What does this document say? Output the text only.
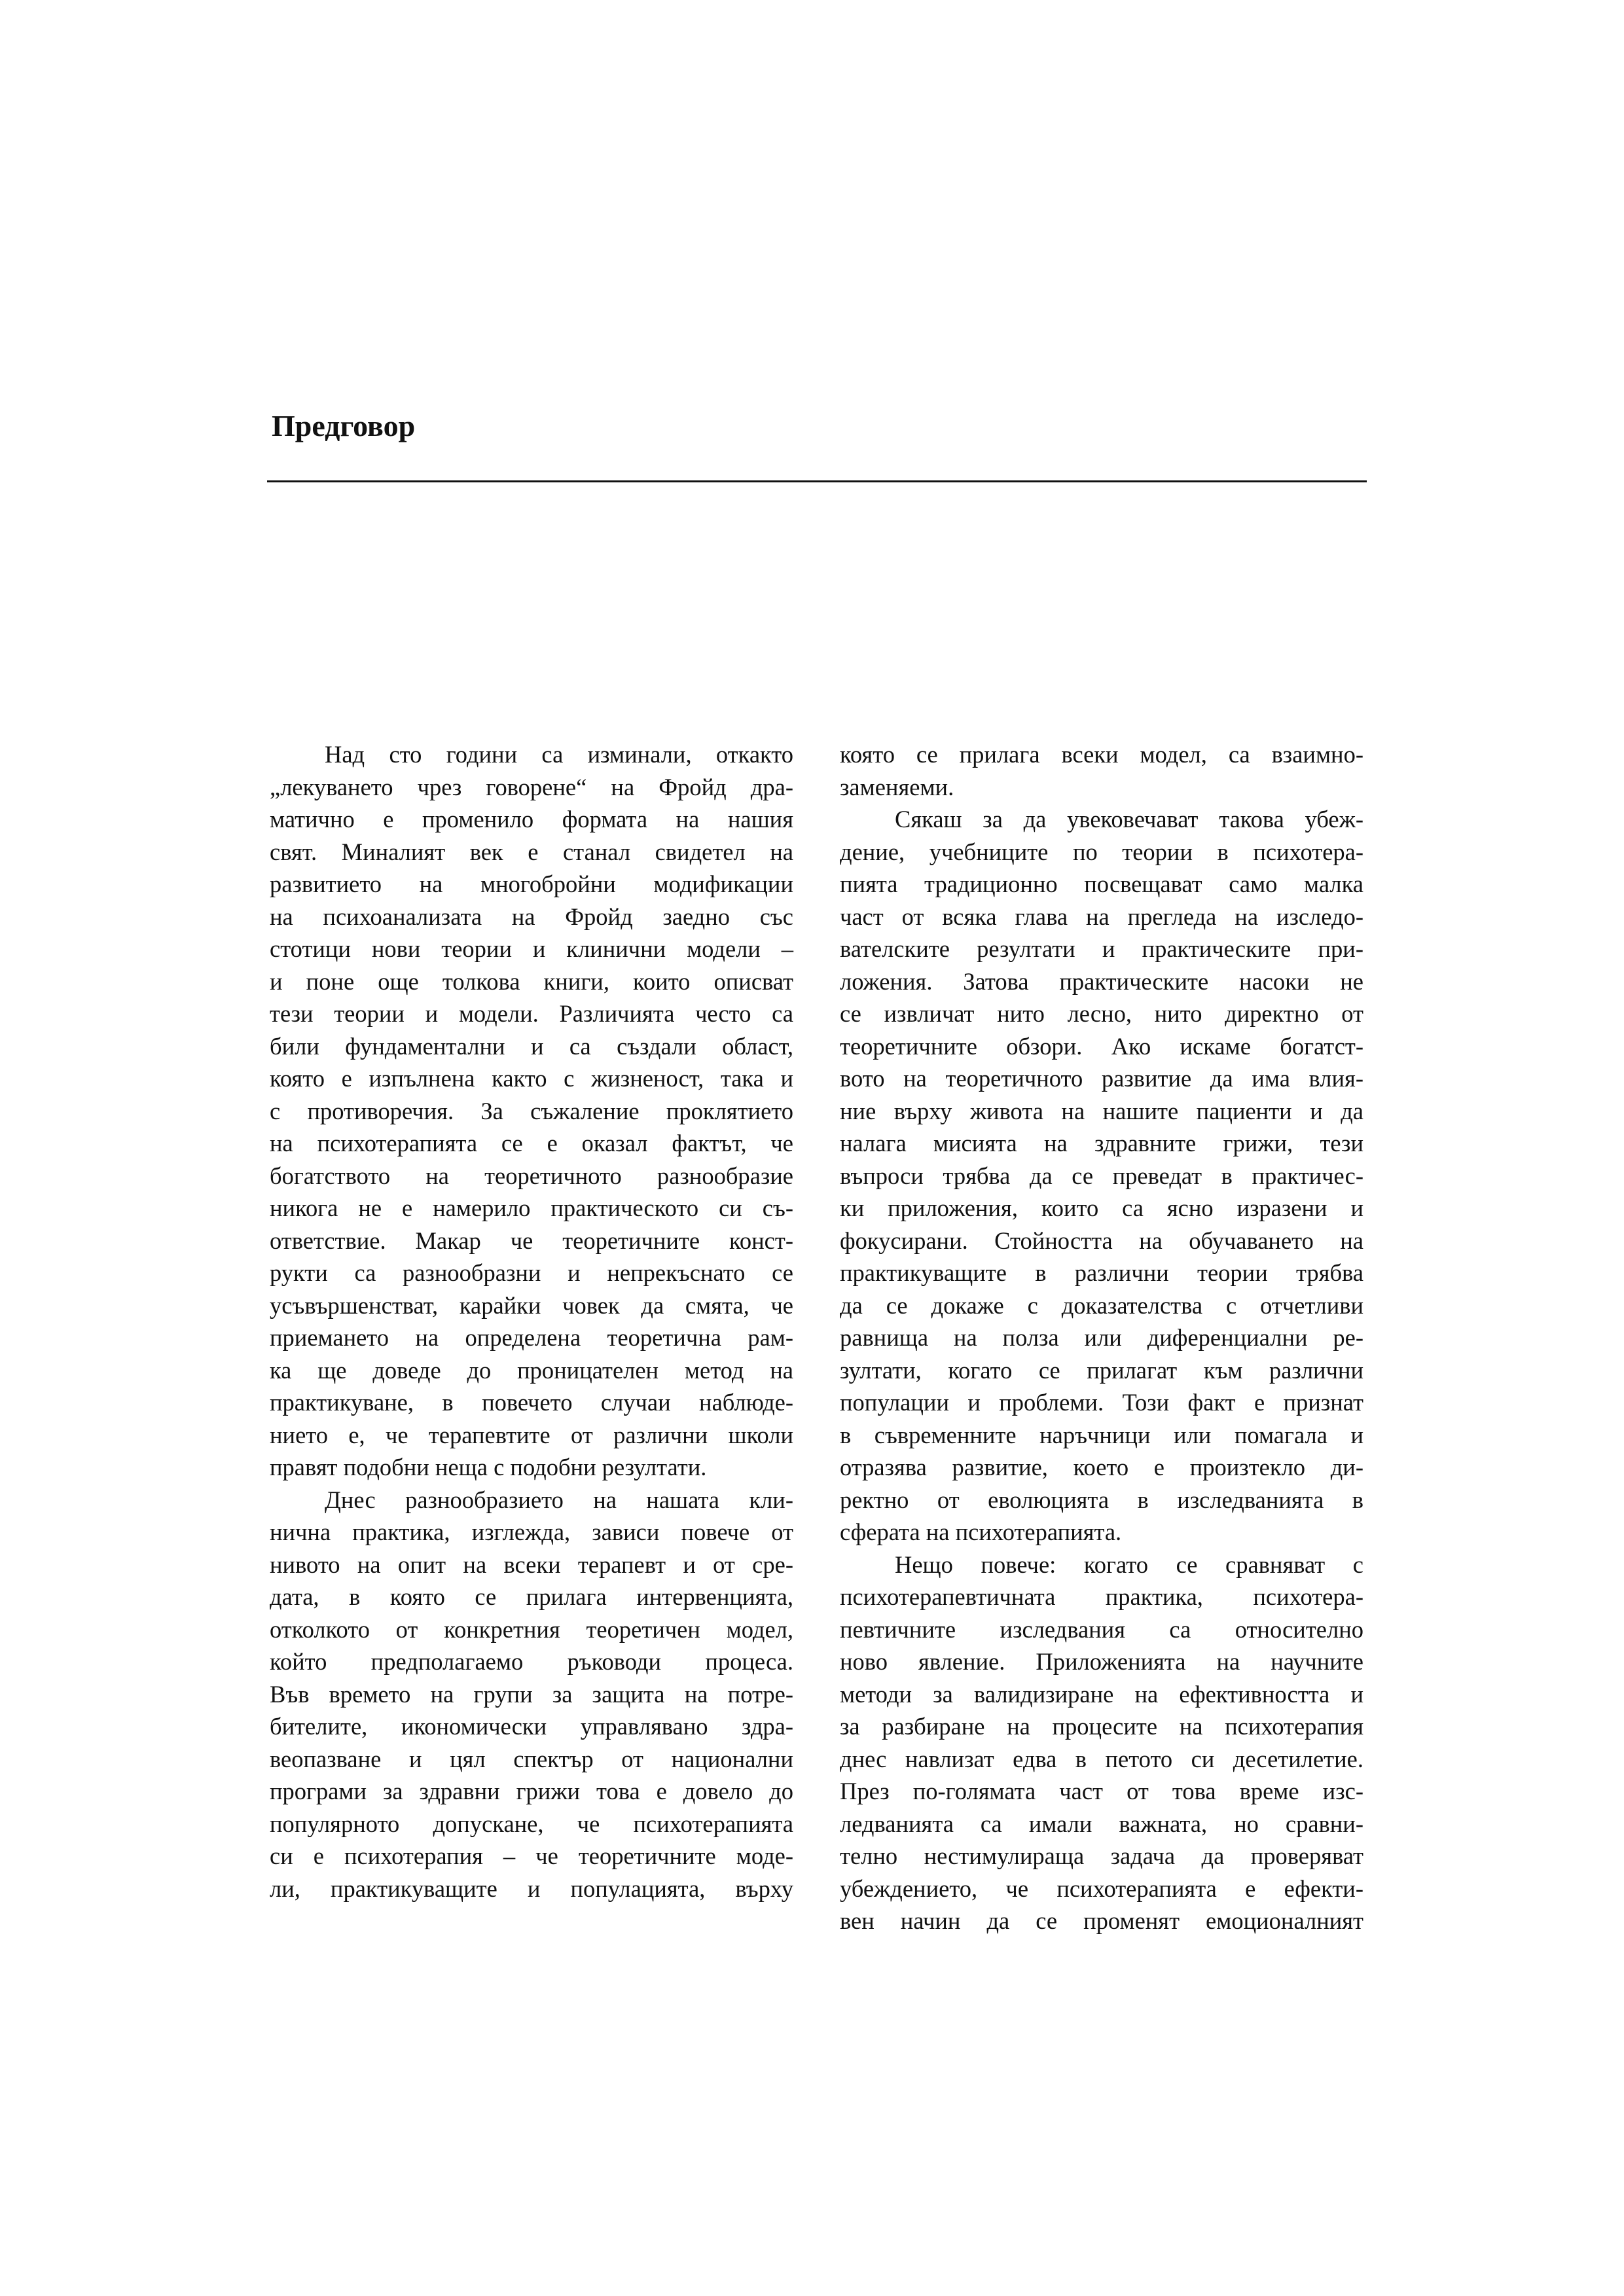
Предговор
Над сто години са изминали, откакто
„лекуването чрез говорене“ на Фройд дра-
матично е променило формата на нашия
свят. Миналият век е станал свидетел на
развитието на многобройни модификации
на психоанализата на Фройд заедно със
стотици нови теории и клинични модели –
и поне още толкова книги, които описват
тези теории и модели. Различията често са
били фундаментални и са създали област,
която е изпълнена както с жизненост, така и
с противоречия. За съжаление проклятието
на психотерапията се е оказал фактът, че
богатството на теоретичното разнообразие
никога не е намерило практическото си съ-
ответствие. Макар че теоретичните конст-
рукти са разнообразни и непрекъснато се
усъвършенстват, карайки човек да смята, че
приемането на определена теоретична рам-
ка ще доведе до проницателен метод на
практикуване, в повечето случаи наблюде-
нието е, че терапевтите от различни школи
правят подобни неща с подобни резултати.
Днес разнообразието на нашата кли-
нична практика, изглежда, зависи повече от
нивото на опит на всеки терапевт и от сре-
дата, в която се прилага интервенцията,
отколкото от конкретния теоретичен модел,
който предполагаемо ръководи процеса.
Във времето на групи за защита на потре-
бителите, икономически управлявано здра-
веопазване и цял спектър от национални
програми за здравни грижи това е довело до
популярното допускане, че психотерапията
си е психотерапия – че теоретичните моде-
ли, практикуващите и популацията, върху
която се прилага всеки модел, са взаимно-
заменяеми.
Сякаш за да увековечават такова убеж-
дение, учебниците по теории в психотера-
пията традиционно посвещават само малка
част от всяка глава на прегледа на изследо-
вателските резултати и практическите при-
ложения. Затова практическите насоки не
се извличат нито лесно, нито директно от
теоретичните обзори. Ако искаме богатст-
вото на теоретичното развитие да има влия-
ние върху живота на нашите пациенти и да
налага мисията на здравните грижи, тези
въпроси трябва да се преведат в практичес-
ки приложения, които са ясно изразени и
фокусирани. Стойността на обучаването на
практикуващите в различни теории трябва
да се докаже с доказателства с отчетливи
равнища на полза или диференциални ре-
зултати, когато се прилагат към различни
популации и проблеми. Този факт е признат
в съвременните наръчници или помагала и
отразява развитие, което е произтекло ди-
ректно от еволюцията в изследванията в
сферата на психотерапията.
Нещо повече: когато се сравняват с
психотерапевтичната практика, психотера-
певтичните изследвания са относително
ново явление. Приложенията на научните
методи за валидизиране на ефективността и
за разбиране на процесите на психотерапия
днес навлизат едва в петото си десетилетие.
През по-голямата част от това време изс-
ледванията са имали важната, но сравни-
телно нестимулираща задача да проверяват
убеждението, че психотерапията е ефекти-
вен начин да се променят емоционалният
